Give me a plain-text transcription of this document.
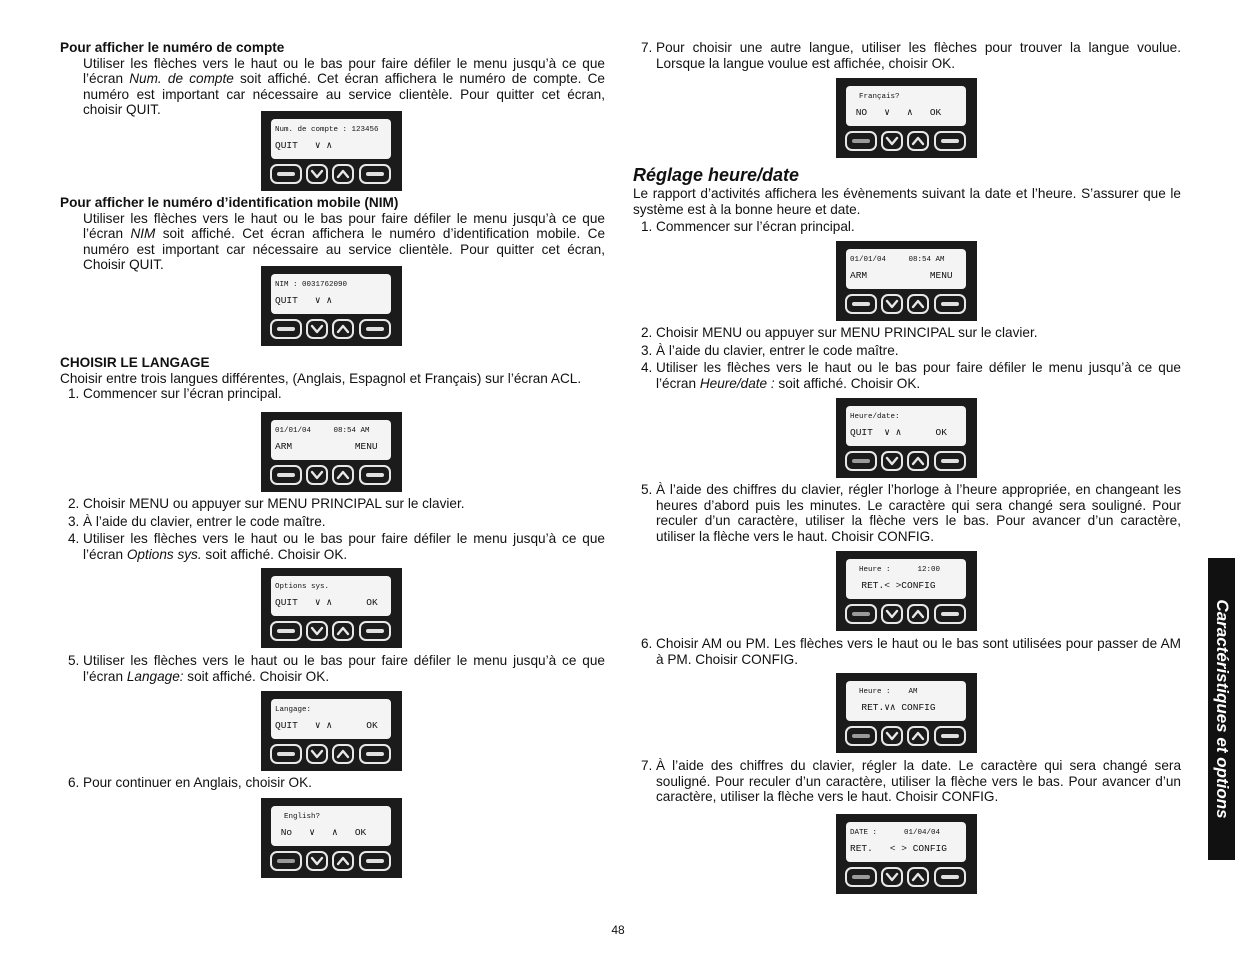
Pour afficher le numéro de compte
Utiliser les flèches vers le haut ou le bas pour faire défiler le menu jusqu’à ce que l’écran Num. de compte soit affiché. Cet écran affichera le numéro de compte. Ce numéro est important car nécessaire au service clientèle. Pour quitter cet écran, choisir QUIT.
Pour afficher le numéro d’identification mobile (NIM)
Utiliser les flèches vers le haut ou le bas pour faire défiler le menu jusqu’à ce que l’écran NIM soit affiché. Cet écran affichera le numéro d’identification mobile. Ce numéro est important car nécessaire au service clientèle. Pour quitter cet écran, Choisir QUIT.
CHOISIR LE LANGAGE
Choisir entre trois langues différentes, (Anglais, Espagnol et Français) sur l’écran ACL.
1. Commencer sur l’écran principal.
2. Choisir MENU ou appuyer sur MENU PRINCIPAL sur le clavier.
3. À l’aide du clavier, entrer le code maître.
4. Utiliser les flèches vers le haut ou le bas pour faire défiler le menu jusqu’à ce que l’écran Options sys. soit affiché. Choisir OK.
5. Utiliser les flèches vers le haut ou le bas pour faire défiler le menu jusqu’à ce que l’écran Langage: soit affiché. Choisir OK.
6. Pour continuer en Anglais, choisir OK.
7. Pour choisir une autre langue, utiliser les flèches pour trouver la langue voulue. Lorsque la langue voulue est affichée, choisir OK.
Réglage heure/date
Le rapport d’activités affichera les évènements suivant la date et l’heure. S’assurer que le système est à la bonne heure et date.
1. Commencer sur l’écran principal.
2. Choisir MENU ou appuyer sur MENU PRINCIPAL sur le clavier.
3. À l’aide du clavier, entrer le code maître.
4. Utiliser les flèches vers le haut ou le bas pour faire défiler le menu jusqu’à ce que l’écran Heure/date : soit affiché. Choisir OK.
5. À l’aide des chiffres du clavier, régler l’horloge à l’heure appropriée, en changeant les heures d’abord puis les minutes. Le caractère qui sera changé sera souligné. Pour reculer d’un caractère, utiliser la flèche vers le bas. Pour avancer d’un caractère, utiliser la flèche vers le haut. Choisir CONFIG.
6. Choisir AM ou PM. Les flèches vers le haut ou le bas sont utilisées pour passer de AM à PM. Choisir CONFIG.
7. À l’aide des chiffres du clavier, régler la date. Le caractère qui sera changé sera souligné. Pour reculer d’un caractère, utiliser la flèche vers le bas. Pour avancer d’un caractère, utiliser la flèche vers le haut. Choisir CONFIG.
Num. de compte : 123456
QUIT   ∨ ∧
NIM : 0031762090
QUIT   ∨ ∧
01/01/04     08:54 AM
ARM           MENU
Options sys.
QUIT   ∨ ∧      OK
Langage:
QUIT   ∨ ∧      OK
English?
No   ∨   ∧   OK
Français?
NO   ∨   ∧   OK
01/01/04     08:54 AM
ARM           MENU
Heure/date:
QUIT  ∨ ∧      OK
Heure :      12:00
RET.< >CONFIG
Heure :    AM
RET.∨∧ CONFIG
DATE :      01/04/04
RET.   < > CONFIG
Caractéristiques et options
48
